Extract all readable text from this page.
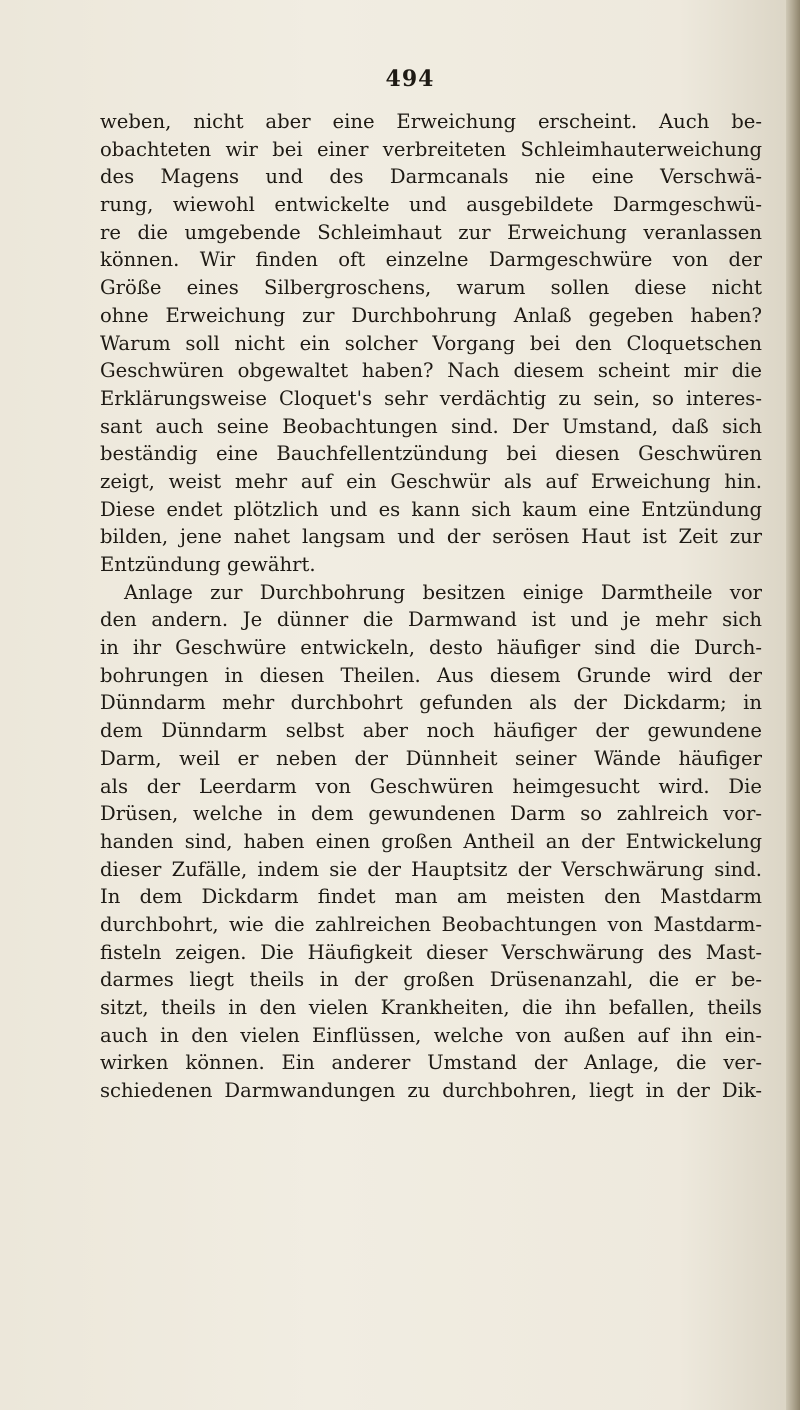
494
weben, nicht aber eine Erweichung erscheint. Auch be-
obachteten wir bei einer verbreiteten Schleimhauterweichung
des Magens und des Darmcanals nie eine Verschwä-
rung, wiewohl entwickelte und ausgebildete Darmgeschwü-
re die umgebende Schleimhaut zur Erweichung veranlassen
können. Wir finden oft einzelne Darmgeschwüre von der
Größe eines Silbergroschens, warum sollen diese nicht
ohne Erweichung zur Durchbohrung Anlaß gegeben haben?
Warum soll nicht ein solcher Vorgang bei den Cloquetschen
Geschwüren obgewaltet haben? Nach diesem scheint mir die
Erklärungsweise Cloquet's sehr verdächtig zu sein, so interes-
sant auch seine Beobachtungen sind. Der Umstand, daß sich
beständig eine Bauchfellentzündung bei diesen Geschwüren
zeigt, weist mehr auf ein Geschwür als auf Erweichung hin.
Diese endet plötzlich und es kann sich kaum eine Entzündung
bilden, jene nahet langsam und der serösen Haut ist Zeit zur
Entzündung gewährt.
Anlage zur Durchbohrung besitzen einige Darmtheile vor
den andern. Je dünner die Darmwand ist und je mehr sich
in ihr Geschwüre entwickeln, desto häufiger sind die Durch-
bohrungen in diesen Theilen. Aus diesem Grunde wird der
Dünndarm mehr durchbohrt gefunden als der Dickdarm; in
dem Dünndarm selbst aber noch häufiger der gewundene
Darm, weil er neben der Dünnheit seiner Wände häufiger
als der Leerdarm von Geschwüren heimgesucht wird. Die
Drüsen, welche in dem gewundenen Darm so zahlreich vor-
handen sind, haben einen großen Antheil an der Entwickelung
dieser Zufälle, indem sie der Hauptsitz der Verschwärung sind.
In dem Dickdarm findet man am meisten den Mastdarm
durchbohrt, wie die zahlreichen Beobachtungen von Mastdarm-
fisteln zeigen. Die Häufigkeit dieser Verschwärung des Mast-
darmes liegt theils in der großen Drüsenanzahl, die er be-
sitzt, theils in den vielen Krankheiten, die ihn befallen, theils
auch in den vielen Einflüssen, welche von außen auf ihn ein-
wirken können. Ein anderer Umstand der Anlage, die ver-
schiedenen Darmwandungen zu durchbohren, liegt in der Dik-
